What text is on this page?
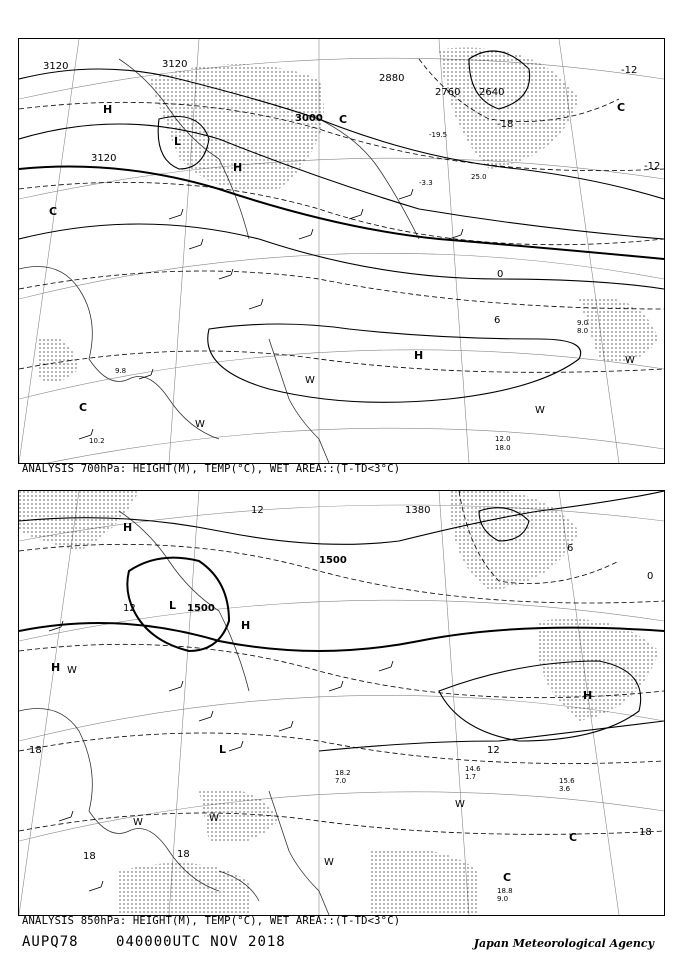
H
H
L
H
C
C
C
C
3120	3120
3120
3000
2880
2760 2640
-12
-12
-18
0
6
W
W
W
W
12.0
18.0
9.0
8.0
10.2
9.8
-3.3
25.0
-19.5
ANALYSIS 700hPa: HEIGHT(M), TEMP(°C), WET AREA::(T-TD<3°C)
H
L
H
H
H
L
C
C
1500
1500
1380
12
12
12
6
18
18	18
18
0
W
W	W
W
W
18.2
7.0	15.6
3.6
18.8
9.0
14.6
1.7
ANALYSIS 850hPa: HEIGHT(M), TEMP(°C), WET AREA::(T-TD<3°C)
AUPQ78	040000UTC NOV 2018	Japan Meteorological Agency
